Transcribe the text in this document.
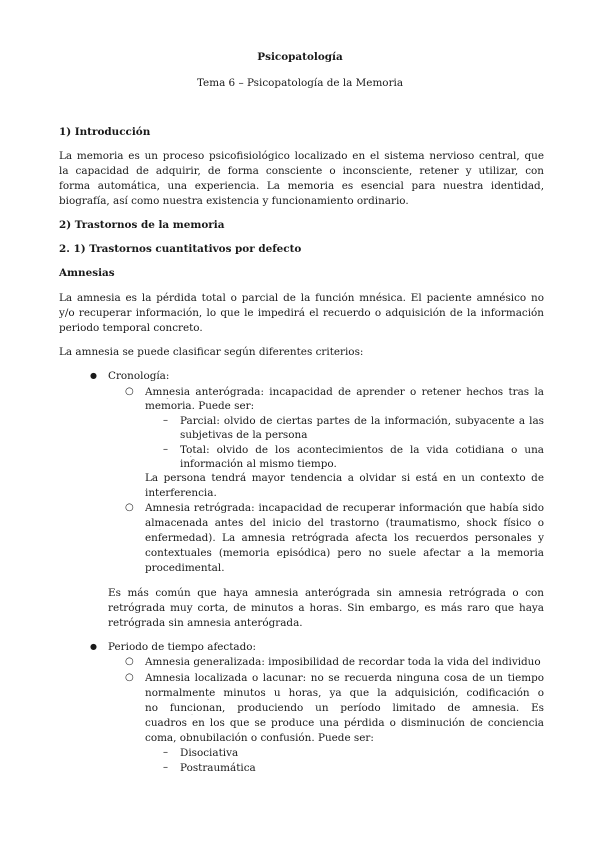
Psicopatología
Tema 6 – Psicopatología de la Memoria
1) Introducción
La memoria es un proceso psicofisiológico localizado en el sistema nervioso central, que
la capacidad de adquirir, de forma consciente o inconsciente, retener y utilizar, con
forma automática, una experiencia. La memoria es esencial para nuestra identidad,
biografía, así como nuestra existencia y funcionamiento ordinario.
2) Trastornos de la memoria
2. 1) Trastornos cuantitativos por defecto
Amnesias
La amnesia es la pérdida total o parcial de la función mnésica. El paciente amnésico no
y/o recuperar información, lo que le impedirá el recuerdo o adquisición de la información
periodo temporal concreto.
La amnesia se puede clasificar según diferentes criterios:
● Cronología:
○ Amnesia anterógrada: incapacidad de aprender o retener hechos tras la
memoria. Puede ser:
– Parcial: olvido de ciertas partes de la información, subyacente a las
subjetivas de la persona
– Total: olvido de los acontecimientos de la vida cotidiana o una
información al mismo tiempo.
La persona tendrá mayor tendencia a olvidar si está en un contexto de
interferencia.
○ Amnesia retrógrada: incapacidad de recuperar información que había sido
almacenada antes del inicio del trastorno (traumatismo, shock físico o
enfermedad). La amnesia retrógrada afecta los recuerdos personales y
contextuales (memoria episódica) pero no suele afectar a la memoria
procedimental.
Es más común que haya amnesia anterógrada sin amnesia retrógrada o con
retrógrada muy corta, de minutos a horas. Sin embargo, es más raro que haya
retrógrada sin amnesia anterógrada.
● Periodo de tiempo afectado:
○ Amnesia generalizada: imposibilidad de recordar toda la vida del individuo
○ Amnesia localizada o lacunar: no se recuerda ninguna cosa de un tiempo
normalmente minutos u horas, ya que la adquisición, codificación o
no funcionan, produciendo un período limitado de amnesia. Es
cuadros en los que se produce una pérdida o disminución de conciencia
coma, obnubilación o confusión. Puede ser:
– Disociativa
– Postraumática
